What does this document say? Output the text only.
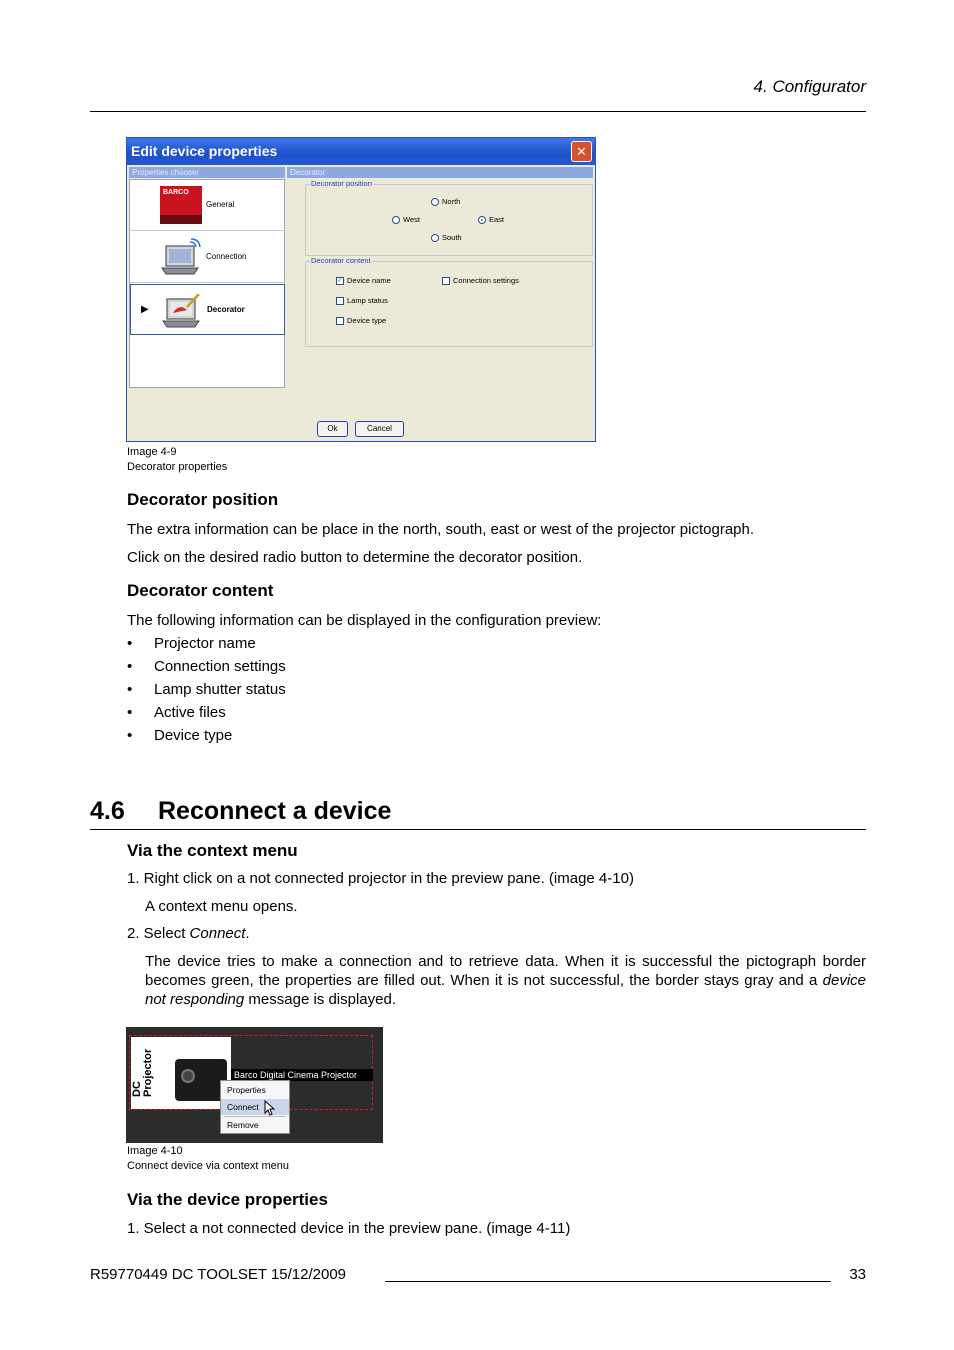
4. Configurator
Edit device properties	✕
Properties chooser
BARCO
General
Connection
▶	Decorator
Decorator
Decorator position
North
West	East
South
Decorator content
✓ Device name	Connection settings
Lamp status
Device type
Ok	Cancel
Image 4-9
Decorator properties
Decorator position
The extra information can be place in the north, south, east or west of the projector pictograph.
Click on the desired radio button to determine the decorator position.
Decorator content
The following information can be displayed in the configuration preview:
• Projector name
• Connection settings
• Lamp shutter status
• Active files
• Device type
4.6 Reconnect a device
Via the context menu
1. Right click on a not connected projector in the preview pane. (image 4-10)
A context menu opens.
2. Select Connect.
The device tries to make a connection and to retrieve data. When it is successful the pictograph border becomes green, the properties are filled out. When it is not successful, the border stays gray and a device not responding message is displayed.
DC Projector	Barco Digital Cinema Projector
Properties
Connect
Remove
Image 4-10
Connect device via context menu
Via the device properties
1. Select a not connected device in the preview pane. (image 4-11)
R59770449 DC TOOLSET 15/12/2009	33
